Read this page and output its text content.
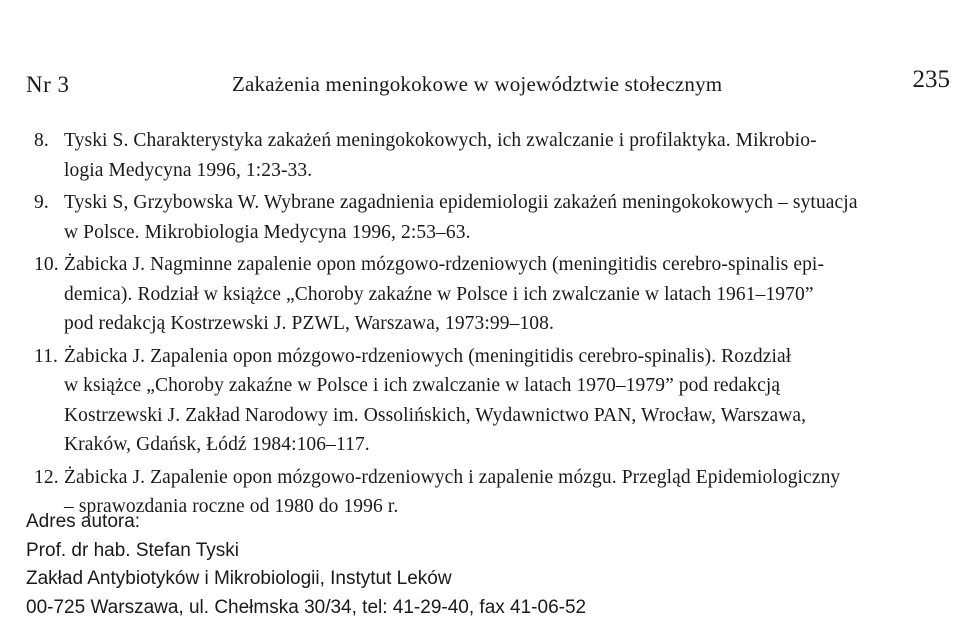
Nr 3	Zakażenia meningokokowe w województwie stołecznym	235
8. Tyski S. Charakterystyka zakażeń meningokokowych, ich zwalczanie i profilaktyka. Mikrobio-
logia Medycyna 1996, 1:23-33.
9. Tyski S, Grzybowska W. Wybrane zagadnienia epidemiologii zakażeń meningokokowych – sytuacja
w Polsce. Mikrobiologia Medycyna 1996, 2:53–63.
10. Żabicka J. Nagminne zapalenie opon mózgowo-rdzeniowych (meningitidis cerebro-spinalis epi-
demica). Rodział w książce „Choroby zakaźne w Polsce i ich zwalczanie w latach 1961–1970”
pod redakcją Kostrzewski J. PZWL, Warszawa, 1973:99–108.
11. Żabicka J. Zapalenia opon mózgowo-rdzeniowych (meningitidis cerebro-spinalis). Rozdział
w książce „Choroby zakaźne w Polsce i ich zwalczanie w latach 1970–1979” pod redakcją
Kostrzewski J. Zakład Narodowy im. Ossolińskich, Wydawnictwo PAN, Wrocław, Warszawa,
Kraków, Gdańsk, Łódź 1984:106–117.
12. Żabicka J. Zapalenie opon mózgowo-rdzeniowych i zapalenie mózgu. Przegląd Epidemiologiczny
– sprawozdania roczne od 1980 do 1996 r.
Adres autora:
Prof. dr hab. Stefan Tyski
Zakład Antybiotyków i Mikrobiologii, Instytut Leków
00-725 Warszawa, ul. Chełmska 30/34, tel: 41-29-40, fax 41-06-52
